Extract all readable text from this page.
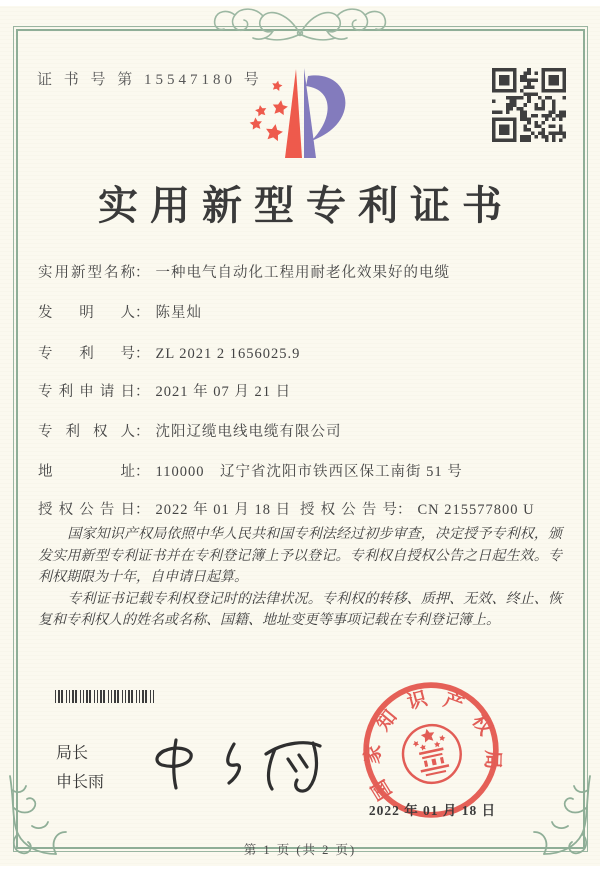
证 书 号 第 15547180 号
实用新型专利证书
实用新型名称： 一种电气自动化工程用耐老化效果好的电缆
发明人： 陈星灿
专利号： ZL 2021 2 1656025.9
专利申请日： 2021 年 07 月 21 日
专利权人： 沈阳辽缆电线电缆有限公司
地址： 110000　辽宁省沈阳市铁西区保工南街 51 号
授权公告日： 2022 年 01 月 18 日 授权公告号： CN 215577800 U

国家知识产权局依照中华人民共和国专利法经过初步审查，决定授予专利权，颁发实用新型专利证书并在专利登记簿上予以登记。专利权自授权公告之日起生效。专利权期限为十年，自申请日起算。

专利证书记载专利权登记时的法律状况。专利权的转移、质押、无效、终止、恢复和专利权人的姓名或名称、国籍、地址变更等事项记载在专利登记簿上。

局长
申长雨	国家知识产权局
2022 年 01 月 18 日
第 1 页 (共 2 页)
